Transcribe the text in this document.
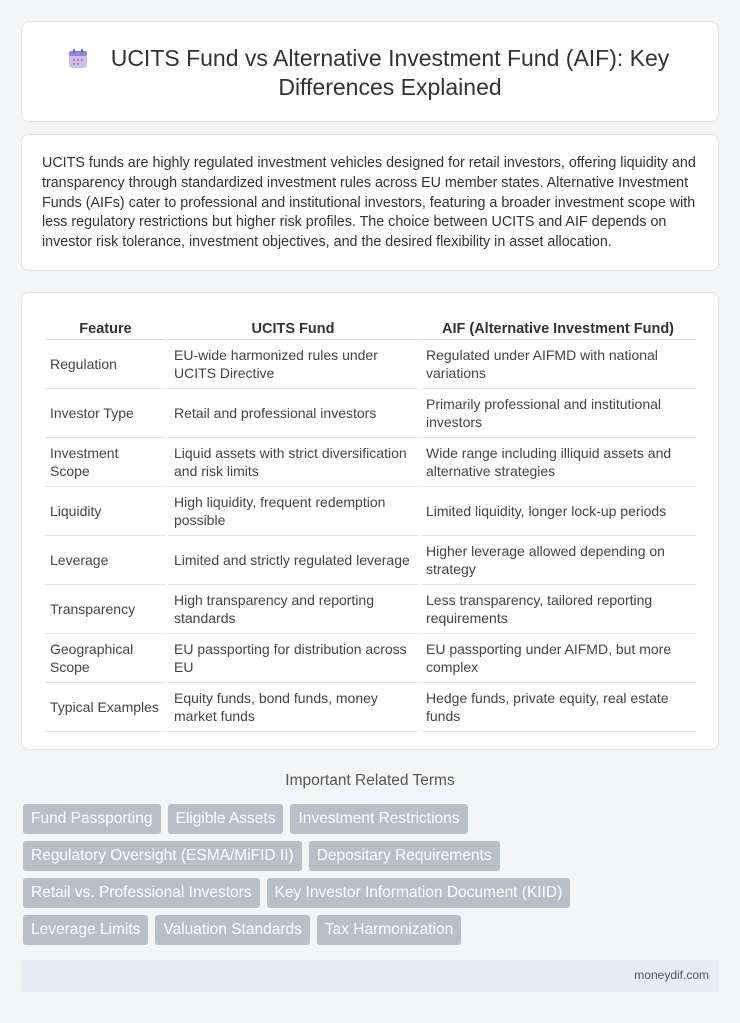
UCITS Fund vs Alternative Investment Fund (AIF): Key Differences Explained

UCITS funds are highly regulated investment vehicles designed for retail investors, offering liquidity and transparency through standardized investment rules across EU member states. Alternative Investment Funds (AIFs) cater to professional and institutional investors, featuring a broader investment scope with less regulatory restrictions but higher risk profiles. The choice between UCITS and AIF depends on investor risk tolerance, investment objectives, and the desired flexibility in asset allocation.

Feature	UCITS Fund	AIF (Alternative Investment Fund)
Regulation	EU-wide harmonized rules under UCITS Directive	Regulated under AIFMD with national variations
Investor Type	Retail and professional investors	Primarily professional and institutional investors
Investment Scope	Liquid assets with strict diversification and risk limits	Wide range including illiquid assets and alternative strategies
Liquidity	High liquidity, frequent redemption possible	Limited liquidity, longer lock-up periods
Leverage	Limited and strictly regulated leverage	Higher leverage allowed depending on strategy
Transparency	High transparency and reporting standards	Less transparency, tailored reporting requirements
Geographical Scope	EU passporting for distribution across EU	EU passporting under AIFMD, but more complex
Typical Examples	Equity funds, bond funds, money market funds	Hedge funds, private equity, real estate funds
Important Related Terms
Fund Passporting	Eligible Assets	Investment Restrictions
Regulatory Oversight (ESMA/MiFID II)	Depositary Requirements
Retail vs. Professional Investors	Key Investor Information Document (KIID)
Leverage Limits	Valuation Standards	Tax Harmonization
moneydif.com
